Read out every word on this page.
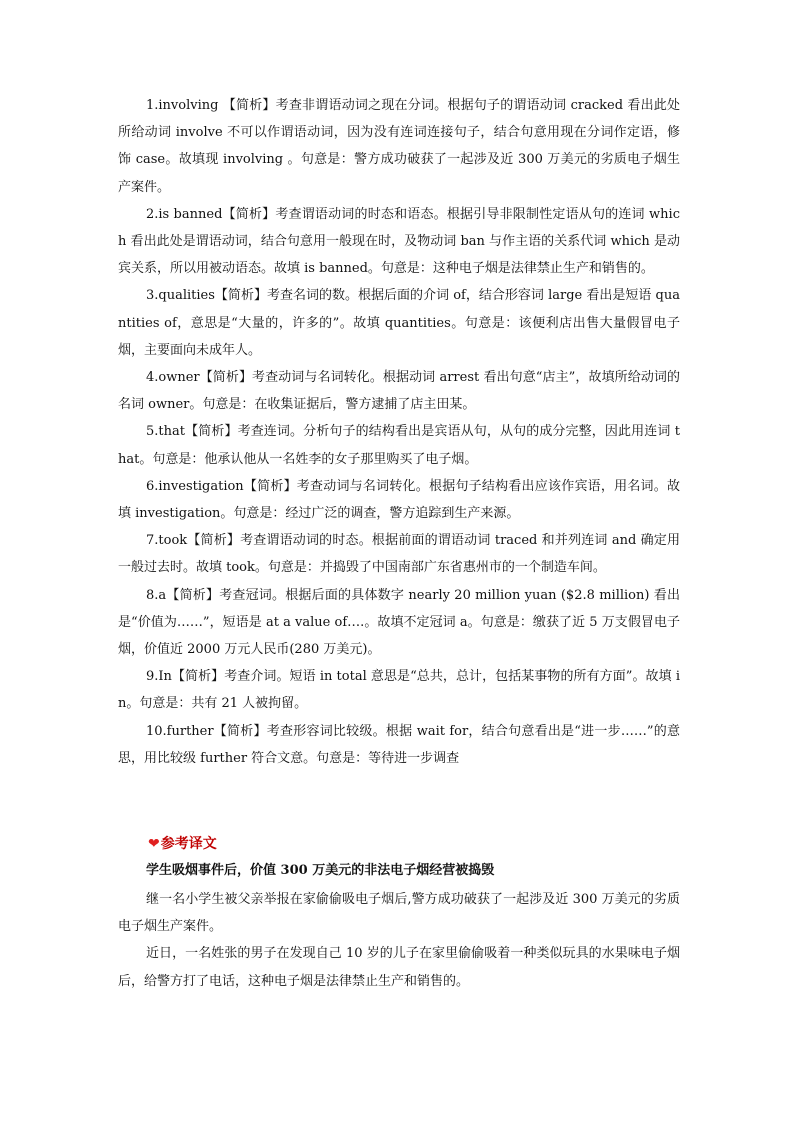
1.involving 【简析】考查非谓语动词之现在分词。根据句子的谓语动词 cracked 看出此处所给动词 involve 不可以作谓语动词，因为没有连词连接句子，结合句意用现在分词作定语，修饰 case。故填现 involving 。句意是：警方成功破获了一起涉及近 300 万美元的劣质电子烟生产案件。

2.is banned【简析】考查谓语动词的时态和语态。根据引导非限制性定语从句的连词 which 看出此处是谓语动词，结合句意用一般现在时，及物动词 ban 与作主语的关系代词 which 是动宾关系，所以用被动语态。故填 is banned。句意是：这种电子烟是法律禁止生产和销售的。

3.qualities【简析】考查名词的数。根据后面的介词 of，结合形容词 large 看出是短语 quantities of，意思是“大量的，许多的”。故填 quantities。句意是：该便利店出售大量假冒电子烟，主要面向未成年人。

4.owner【简析】考查动词与名词转化。根据动词 arrest 看出句意“店主”，故填所给动词的名词 owner。句意是：在收集证据后，警方逮捕了店主田某。

5.that【简析】考查连词。分析句子的结构看出是宾语从句，从句的成分完整，因此用连词 that。句意是：他承认他从一名姓李的女子那里购买了电子烟。

6.investigation【简析】考查动词与名词转化。根据句子结构看出应该作宾语，用名词。故填 investigation。句意是：经过广泛的调查，警方追踪到生产来源。

7.took【简析】考查谓语动词的时态。根据前面的谓语动词 traced 和并列连词 and 确定用一般过去时。故填 took。句意是：并捣毁了中国南部广东省惠州市的一个制造车间。

8.a【简析】考查冠词。根据后面的具体数字 nearly 20 million yuan ($2.8 million) 看出是“价值为……”，短语是 at a value of….。故填不定冠词 a。句意是：缴获了近 5 万支假冒电子烟，价值近 2000 万元人民币(280 万美元)。

9.In【简析】考查介词。短语 in total 意思是“总共，总计，包括某事物的所有方面”。故填 in。句意是：共有 21 人被拘留。

10.further【简析】考查形容词比较级。根据 wait for，结合句意看出是“进一步……”的意思，用比较级 further 符合文意。句意是：等待进一步调查

❤参考译文

学生吸烟事件后，价值 300 万美元的非法电子烟经营被捣毁

继一名小学生被父亲举报在家偷偷吸电子烟后,警方成功破获了一起涉及近 300 万美元的劣质电子烟生产案件。

近日，一名姓张的男子在发现自己 10 岁的儿子在家里偷偷吸着一种类似玩具的水果味电子烟后，给警方打了电话，这种电子烟是法律禁止生产和销售的。
